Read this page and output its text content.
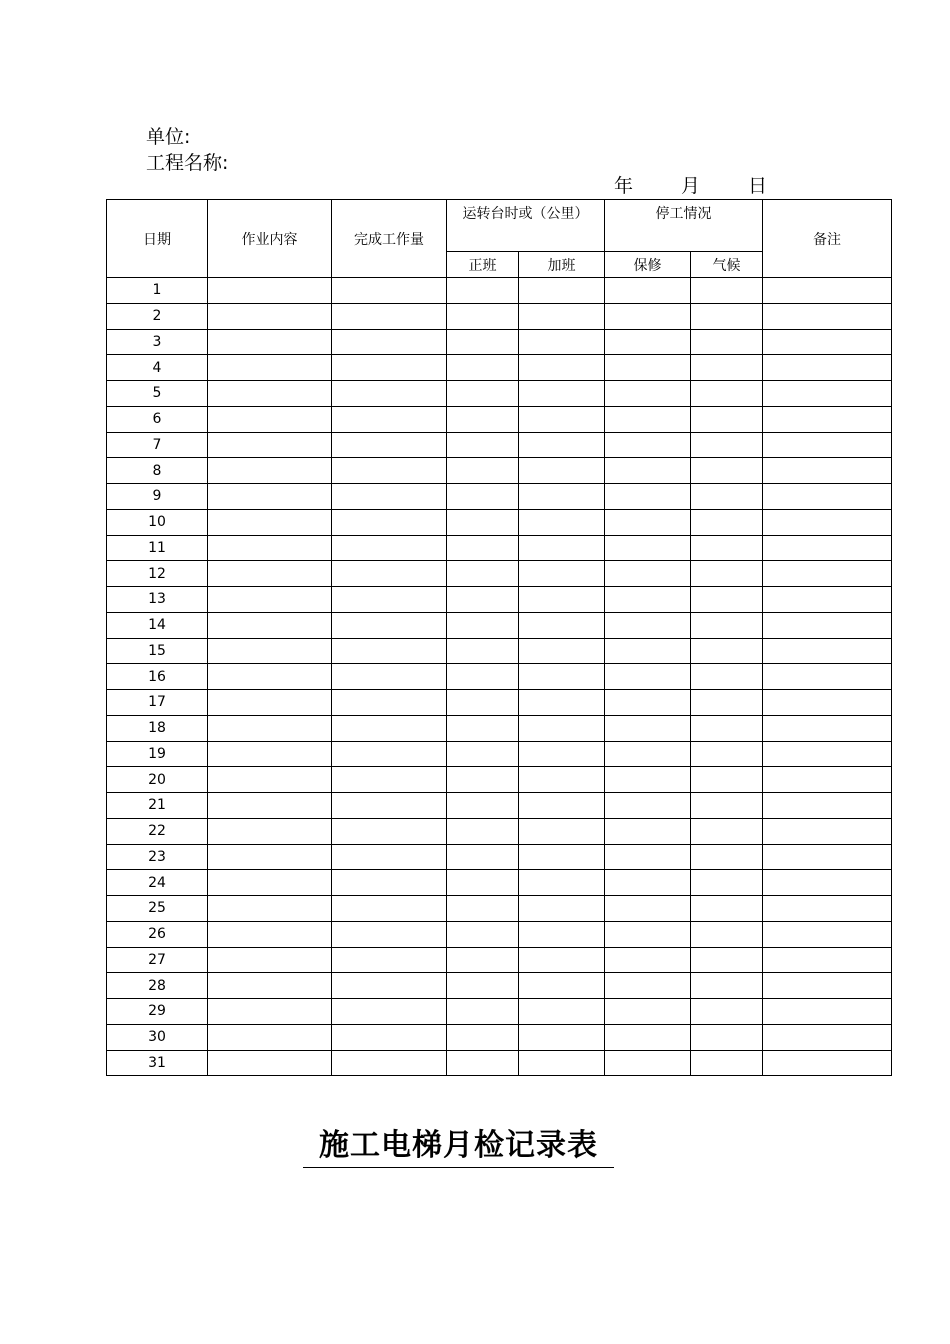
单位:
工程名称:
年	月	日
日期	作业内容	完成工作量	运转台时或（公里）		停工情况		备注
			正班	加班	保修	气候	
1							
2							
3							
4							
5							
6							
7							
8							
9							
10							
11							
12							
13							
14							
15							
16							
17							
18							
19							
20							
21							
22							
23							
24							
25							
26							
27							
28							
29							
30							
31							
施工电梯月检记录表
